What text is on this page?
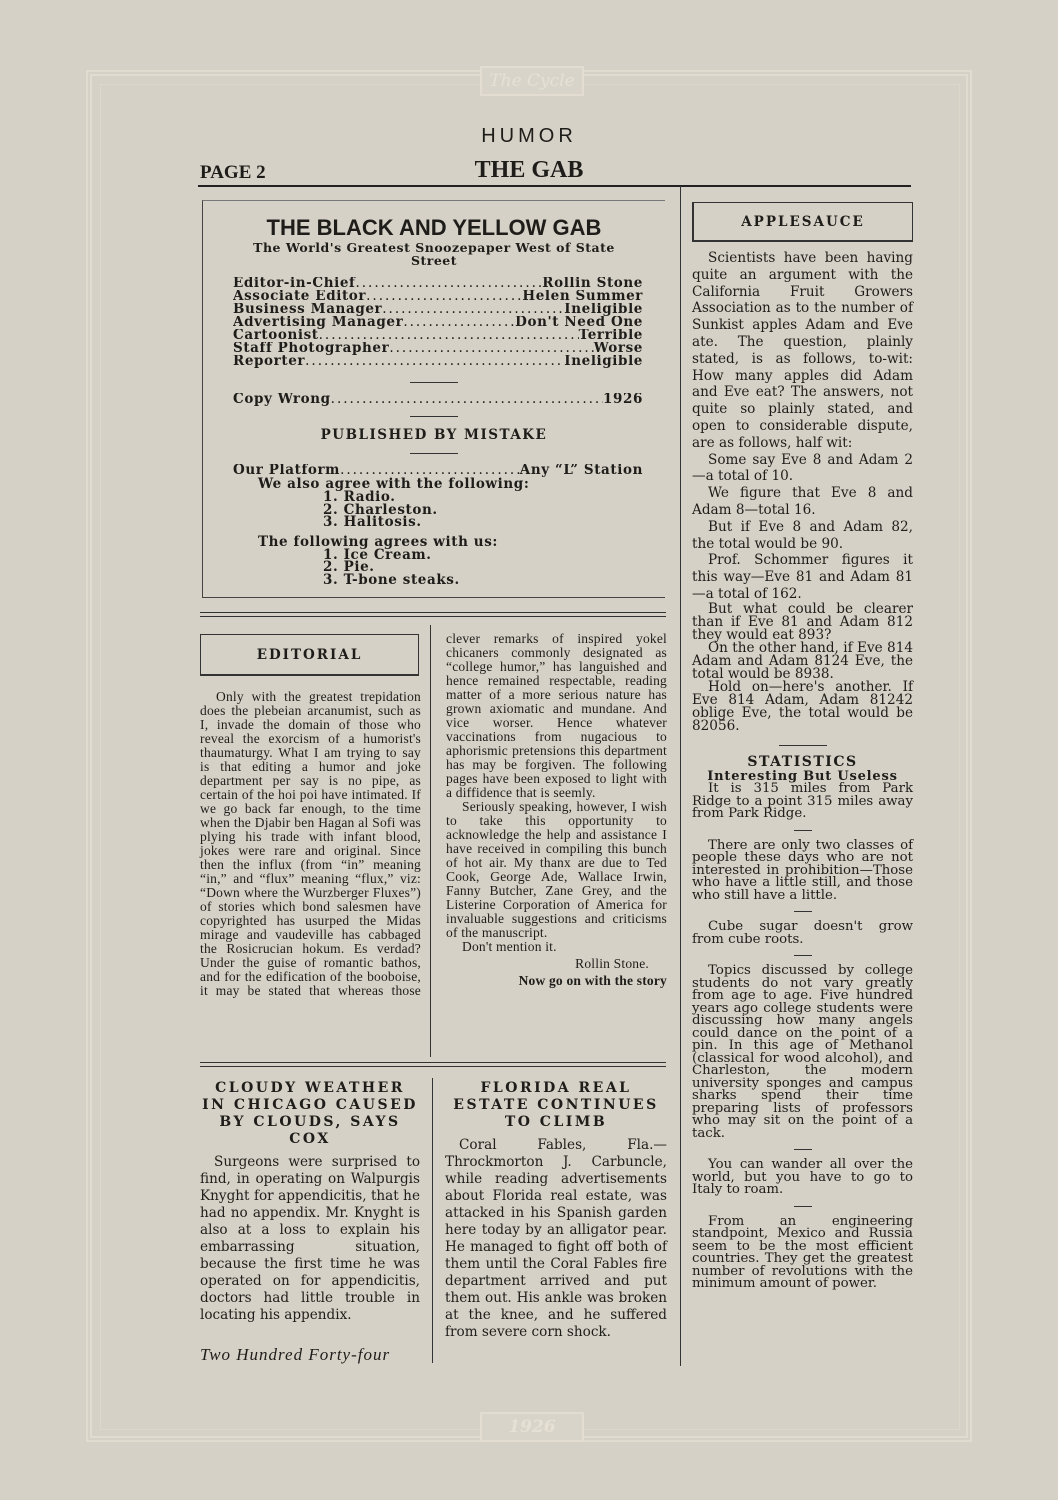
The Cycle
1926
HUMOR
PAGE 2	THE GAB
THE BLACK AND YELLOW GAB
The World's Greatest Snoozepaper West of State Street
Editor-in-Chief .....	Rollin Stone
Associate Editor .....	Helen Summer
Business Manager .....	Ineligible
Advertising Manager .....	Don't Need One
Cartoonist .....	Terrible
Staff Photographer .....	Worse
Reporter .....	Ineligible
Copy Wrong .....	1926
PUBLISHED BY MISTAKE
Our Platform .....	Any “L” Station
We also agree with the following:
1. Radio.
2. Charleston.
3. Halitosis.
The following agrees with us:
1. Ice Cream.
2. Pie.
3. T-bone steaks.

Only with the greatest trepidation does the plebeian arcanumist, such as I, invade the domain of those who reveal the exorcism of a humorist's thaumaturgy. What I am trying to say is that editing a humor and joke department per say is no pipe, as certain of the hoi poi have intimated. If we go back far enough, to the time when the Djabir ben Hagan al Sofi was plying his trade with infant blood, jokes were rare and original. Since then the influx (from “in” meaning “in,” and “flux” meaning “flux,” viz: “Down where the Wurzberger Fluxes”) of stories which bond salesmen have copyrighted has usurped the Midas mirage and vaudeville has cabbaged the Rosicrucian hokum. Es verdad? Under the guise of romantic bathos, and for the edification of the booboise, it may be stated that whereas those clever remarks of inspired yokel chicaners commonly designated as “college humor,” has languished and hence remained respectable, reading matter of a more serious nature has grown axiomatic and mundane. And vice worser. Hence whatever vaccinations from nugacious to aphorismic pretensions this department has may be forgiven. The following pages have been exposed to light with a diffidence that is seemly.

Seriously speaking, however, I wish to take this opportunity to acknowledge the help and assistance I have received in compiling this bunch of hot air. My thanx are due to Ted Cook, George Ade, Wallace Irwin, Fanny Butcher, Zane Grey, and the Listerine Corporation of America for invaluable suggestions and criticisms of the manuscript.

Don't mention it.

Rollin Stone.
Now go on with the story
EDITORIAL
CLOUDY WEATHER IN CHICAGO CAUSED BY CLOUDS, SAYS COX

Surgeons were surprised to find, in operating on Walpurgis Knyght for appendicitis, that he had no appendix. Mr. Knyght is also at a loss to explain his embarrassing situation, because the first time he was operated on for appendicitis, doctors had little trouble in locating his appendix.

FLORIDA REAL ESTATE CONTINUES TO CLIMB

Coral Fables, Fla.—Throckmorton J. Carbuncle, while reading advertisements about Florida real estate, was attacked in his Spanish garden here today by an alligator pear. He managed to fight off both of them until the Coral Fables fire department arrived and put them out. His ankle was broken at the knee, and he suffered from severe corn shock.

APPLESAUCE

Scientists have been having quite an argument with the California Fruit Growers Association as to the number of Sunkist apples Adam and Eve ate. The question, plainly stated, is as follows, to-wit: How many apples did Adam and Eve eat? The answers, not quite so plainly stated, and open to considerable dispute, are as follows, half wit:

Some say Eve 8 and Adam 2—a total of 10.

We figure that Eve 8 and Adam 8—total 16.

But if Eve 8 and Adam 82, the total would be 90.

Prof. Schommer figures it this way—Eve 81 and Adam 81—a total of 162.

But what could be clearer than if Eve 81 and Adam 812 they would eat 893?

On the other hand, if Eve 814 Adam and Adam 8124 Eve, the total would be 8938.

Hold on—here's another. If Eve 814 Adam, Adam 81242 oblige Eve, the total would be 82056.

STATISTICS
Interesting But Useless

It is 315 miles from Park Ridge to a point 315 miles away from Park Ridge.

There are only two classes of people these days who are not interested in prohibition—Those who have a little still, and those who still have a little.

Cube sugar doesn't grow from cube roots.

Topics discussed by college students do not vary greatly from age to age. Five hundred years ago college students were discussing how many angels could dance on the point of a pin. In this age of Methanol (classical for wood alcohol), and Charleston, the modern university sponges and campus sharks spend their time preparing lists of professors who may sit on the point of a tack.

You can wander all over the world, but you have to go to Italy to roam.

From an engineering standpoint, Mexico and Russia seem to be the most efficient countries. They get the greatest number of revolutions with the minimum amount of power.

Two Hundred Forty-four
